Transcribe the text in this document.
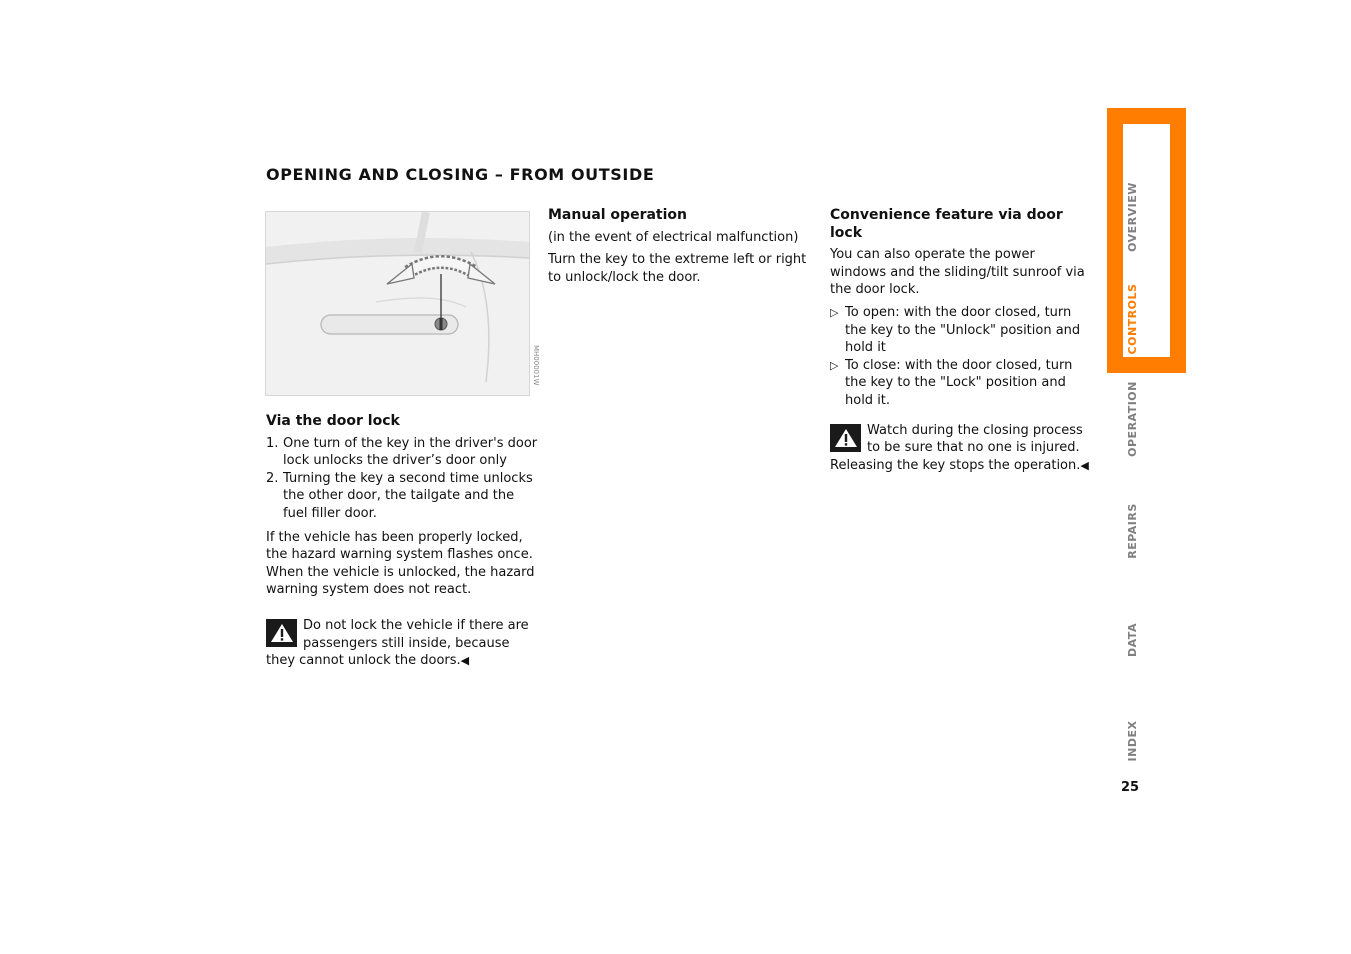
OPENING AND CLOSING – FROM OUTSIDE
MH00001W
Via the door lock
1. One turn of the key in the driver's door lock unlocks the driver’s door only
2. Turning the key a second time unlocks the other door, the tailgate and the fuel filler door.

If the vehicle has been properly locked, the hazard warning system flashes once. When the vehicle is unlocked, the hazard warning system does not react.

Do not lock the vehicle if there are passengers still inside, because they cannot unlock the doors.◀
Manual operation

(in the event of electrical malfunction)

Turn the key to the extreme left or right to unlock/lock the door.

Convenience feature via door lock

You can also operate the power windows and the sliding/tilt sunroof via the door lock.

▷ To open: with the door closed, turn the key to the "Unlock" position and hold it
▷ To close: with the door closed, turn the key to the "Lock" position and hold it.
Watch during the closing process to be sure that no one is injured. Releasing the key stops the operation.◀
OVERVIEW
CONTROLS
OPERATION
REPAIRS
DATA
INDEX
25
